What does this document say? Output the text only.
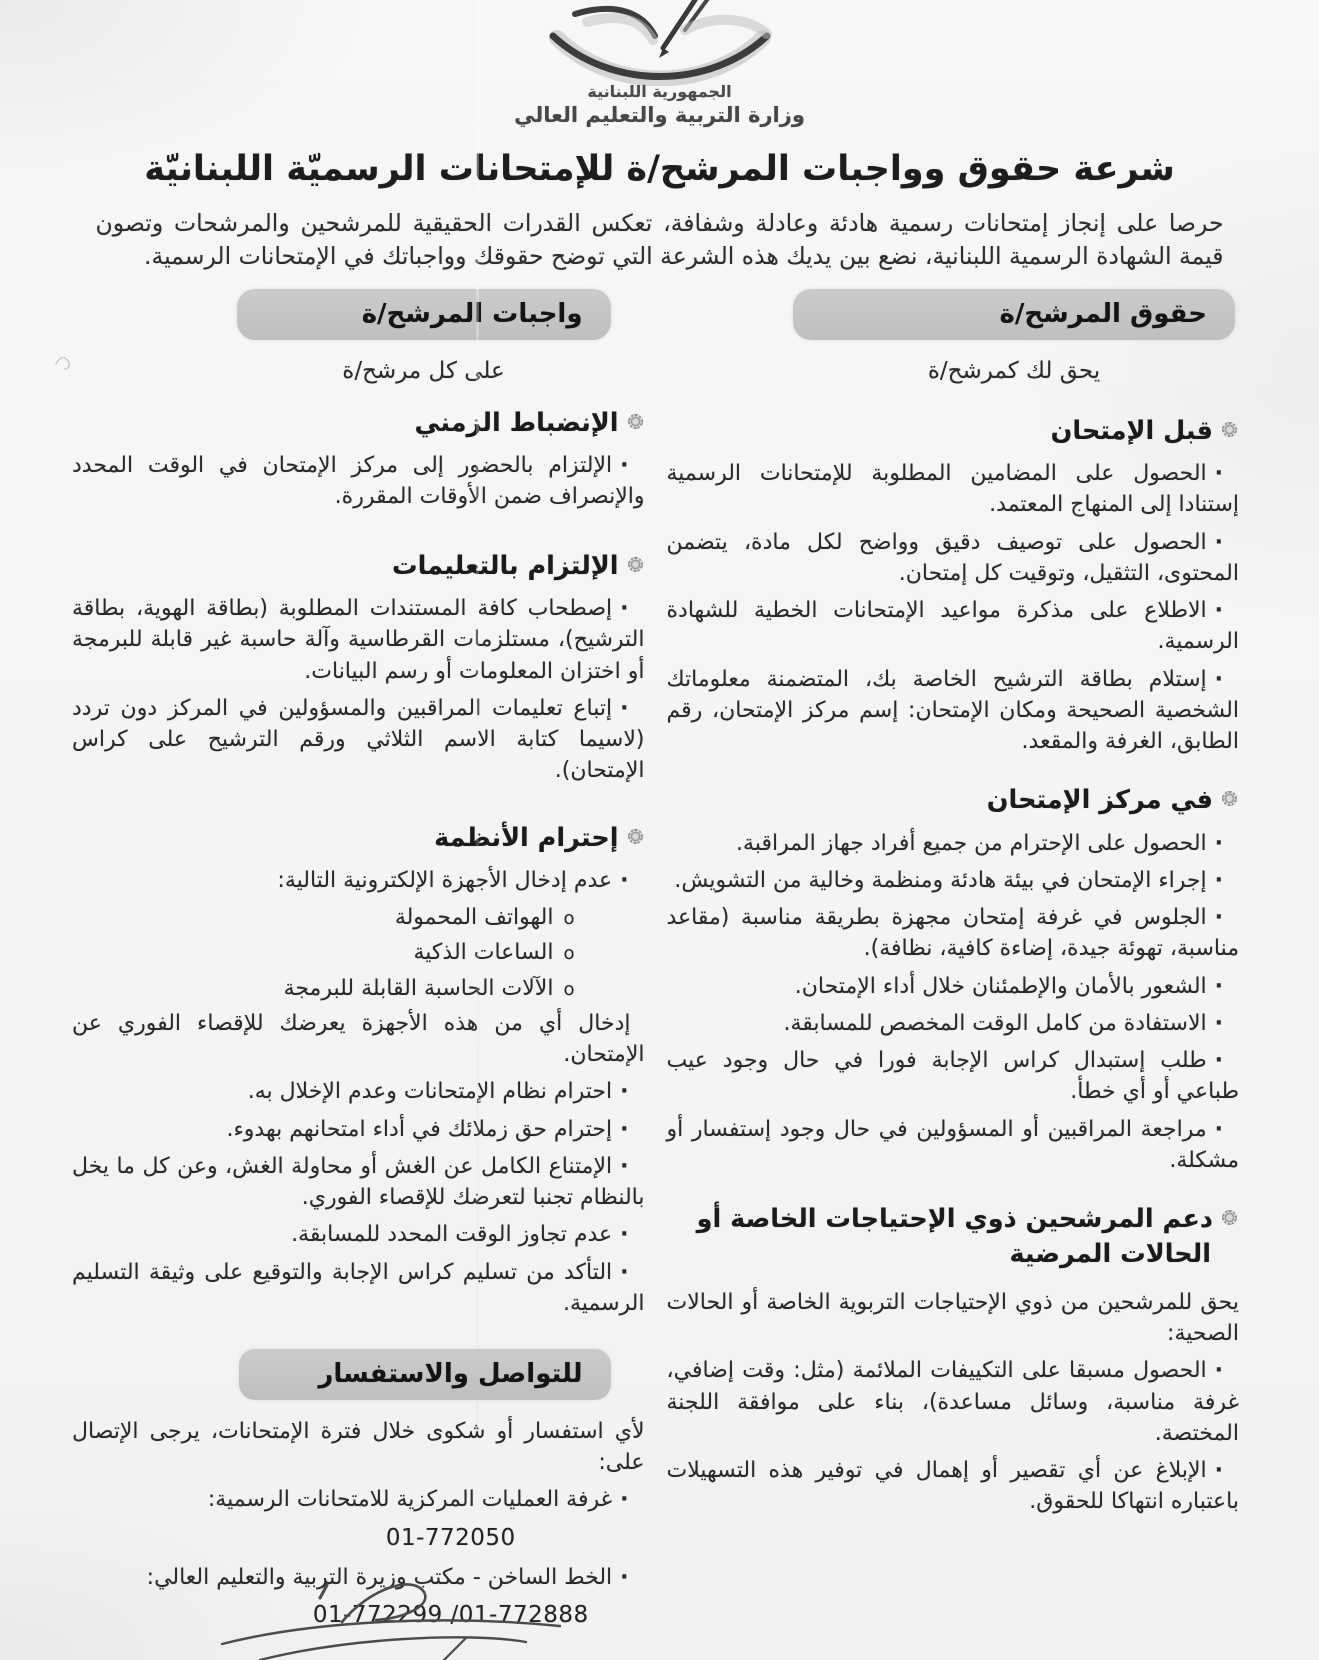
الجمهورية اللبنانية
وزارة التربية والتعليم العالي
شرعة حقوق وواجبات المرشح/ة للإمتحانات الرسميّة اللبنانيّة

حرصا على إنجاز إمتحانات رسمية هادئة وعادلة وشفافة، تعكس القدرات الحقيقية للمرشحين والمرشحات وتصون قيمة الشهادة الرسمية اللبنانية، نضع بين يديك هذه الشرعة التي توضح حقوقك وواجباتك في الإمتحانات الرسمية.

حقوق المرشح/ة
يحق لك كمرشح/ة
قبل الإمتحان

· الحصول على المضامين المطلوبة للإمتحانات الرسمية إستنادا إلى المنهاج المعتمد.

· الحصول على توصيف دقيق وواضح لكل مادة، يتضمن المحتوى، التثقيل، وتوقيت كل إمتحان.

· الاطلاع على مذكرة مواعيد الإمتحانات الخطية للشهادة الرسمية.

· إستلام بطاقة الترشيح الخاصة بك، المتضمنة معلوماتك الشخصية الصحيحة ومكان الإمتحان: إسم مركز الإمتحان، رقم الطابق، الغرفة والمقعد.

في مركز الإمتحان

· الحصول على الإحترام من جميع أفراد جهاز المراقبة.

· إجراء الإمتحان في بيئة هادئة ومنظمة وخالية من التشويش.

· الجلوس في غرفة إمتحان مجهزة بطريقة مناسبة (مقاعد مناسبة، تهوئة جيدة، إضاءة كافية، نظافة).

· الشعور بالأمان والإطمئنان خلال أداء الإمتحان.

· الاستفادة من كامل الوقت المخصص للمسابقة.

· طلب إستبدال كراس الإجابة فورا في حال وجود عيب طباعي أو أي خطأ.

· مراجعة المراقبين أو المسؤولين في حال وجود إستفسار أو مشكلة.

دعم المرشحين ذوي الإحتياجات الخاصة أو الحالات المرضية

يحق للمرشحين من ذوي الإحتياجات التربوية الخاصة أو الحالات الصحية:

· الحصول مسبقا على التكييفات الملائمة (مثل: وقت إضافي، غرفة مناسبة، وسائل مساعدة)، بناء على موافقة اللجنة المختصة.

· الإبلاغ عن أي تقصير أو إهمال في توفير هذه التسهيلات باعتباره انتهاكا للحقوق.

واجبات المرشح/ة
على كل مرشح/ة
الإنضباط الزمني

· الإلتزام بالحضور إلى مركز الإمتحان في الوقت المحدد والإنصراف ضمن الأوقات المقررة.

الإلتزام بالتعليمات

· إصطحاب كافة المستندات المطلوبة (بطاقة الهوية، بطاقة الترشيح)، مستلزمات القرطاسية وآلة حاسبة غير قابلة للبرمجة أو اختزان المعلومات أو رسم البيانات.

· إتباع تعليمات المراقبين والمسؤولين في المركز دون تردد (لاسيما كتابة الاسم الثلاثي ورقم الترشيح على كراس الإمتحان).

إحترام الأنظمة

· عدم إدخال الأجهزة الإلكترونية التالية:

o الهواتف المحمولة

o الساعات الذكية

o الآلات الحاسبة القابلة للبرمجة

إدخال أي من هذه الأجهزة يعرضك للإقصاء الفوري عن الإمتحان.

· احترام نظام الإمتحانات وعدم الإخلال به.

· إحترام حق زملائك في أداء امتحانهم بهدوء.

· الإمتناع الكامل عن الغش أو محاولة الغش، وعن كل ما يخل بالنظام تجنبا لتعرضك للإقصاء الفوري.

· عدم تجاوز الوقت المحدد للمسابقة.

· التأكد من تسليم كراس الإجابة والتوقيع على وثيقة التسليم الرسمية.

للتواصل والاستفسار

لأي استفسار أو شكوى خلال فترة الإمتحانات، يرجى الإتصال على:

· غرفة العمليات المركزية للامتحانات الرسمية:

01-772050

· الخط الساخن - مكتب وزيرة التربية والتعليم العالي:

01-772299 /01-772888
